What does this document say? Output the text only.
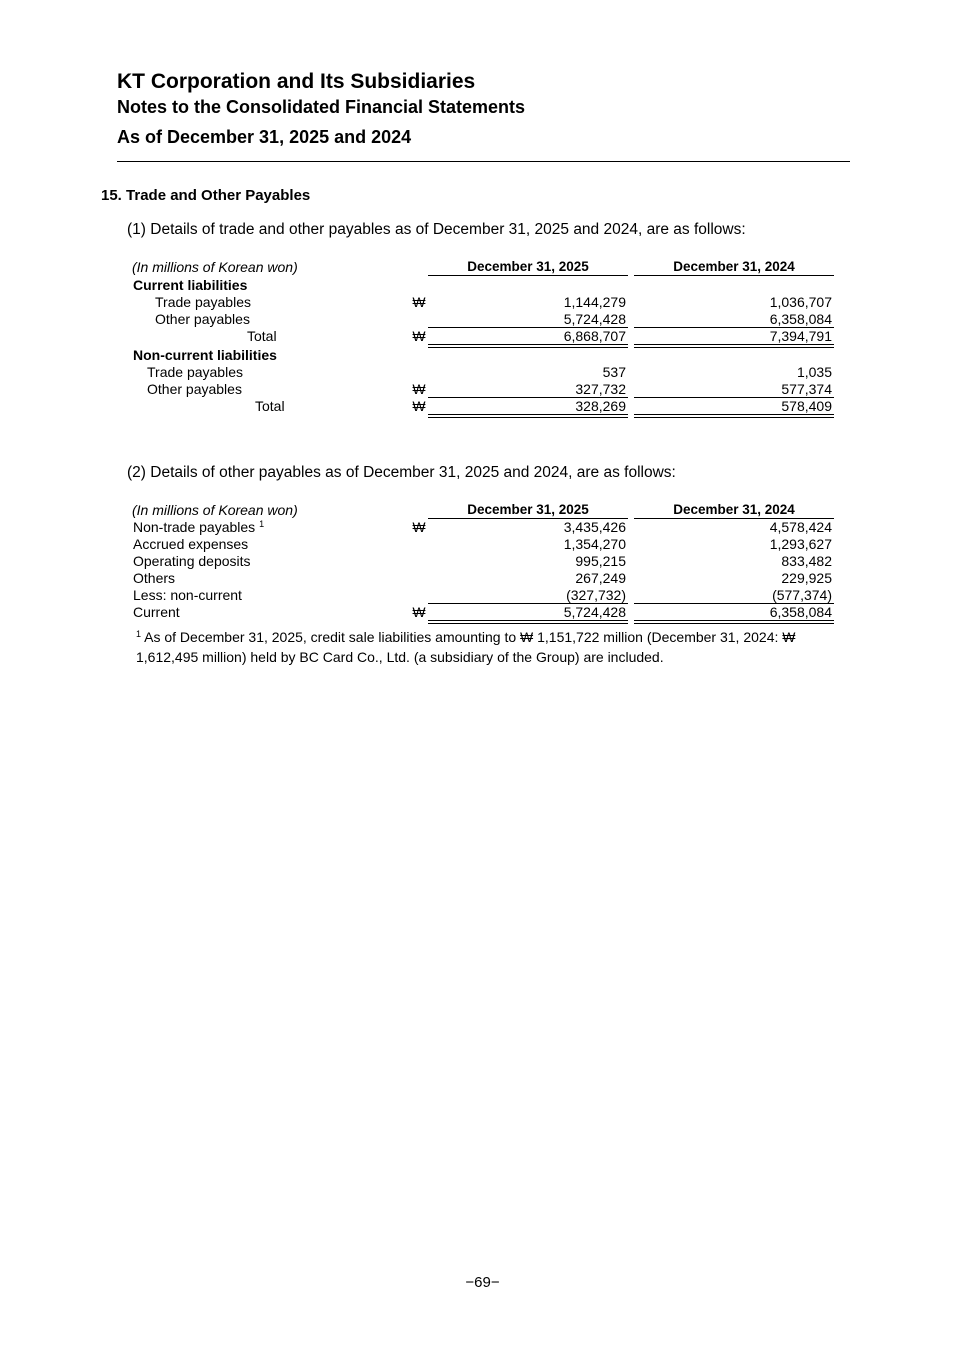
KT Corporation and Its Subsidiaries
Notes to the Consolidated Financial Statements
As of December 31, 2025 and 2024
15. Trade and Other Payables
(1) Details of trade and other payables as of December 31, 2025 and 2024, are as follows:
(In millions of Korean won)	December 31, 2025	December 31, 2024
Current liabilities
Trade payables	₩	1,144,279	1,036,707
Other payables	5,724,428	6,358,084
Total	₩	6,868,707	7,394,791
Non-current liabilities
Trade payables	537	1,035
Other payables	₩	327,732	577,374
Total	₩	328,269	578,409
(2) Details of other payables as of December 31, 2025 and 2024, are as follows:
(In millions of Korean won)	December 31, 2025	December 31, 2024
Non-trade payables $^1$	₩	3,435,426	4,578,424
Accrued expenses	1,354,270	1,293,627
Operating deposits	995,215	833,482
Others	267,249	229,925
Less: non-current	(327,732)	(577,374)
Current	₩	5,724,428	6,358,084
$^1$ As of December 31, 2025, credit sale liabilities amounting to ₩ 1,151,722 million (December 31, 2024: ₩
1,612,495 million) held by BC Card Co., Ltd. (a subsidiary of the Group) are included.
−69−
